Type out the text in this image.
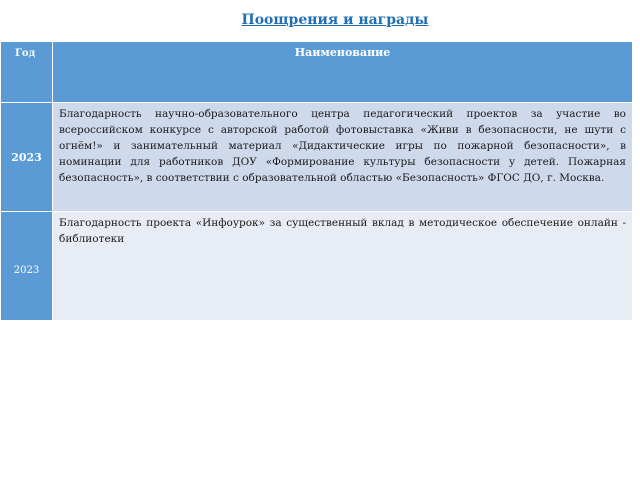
Поощрения и награды
Год	Наименование
2023	Благодарность научно-образовательного центра педагогический проектов за участие во всероссийском конкурсе с авторской работой фотовыставка «Живи в безопасности, не шути с огнём!» и занимательный материал «Дидактические игры по пожарной безопасности», в номинации для работников ДОУ «Формирование культуры безопасности у детей. Пожарная безопасность», в соответствии с образовательной областью «Безопасность» ФГОС ДО, г. Москва.
2023	Благодарность проекта «Инфоурок» за существенный вклад в методическое обеспечение онлайн - библиотеки
